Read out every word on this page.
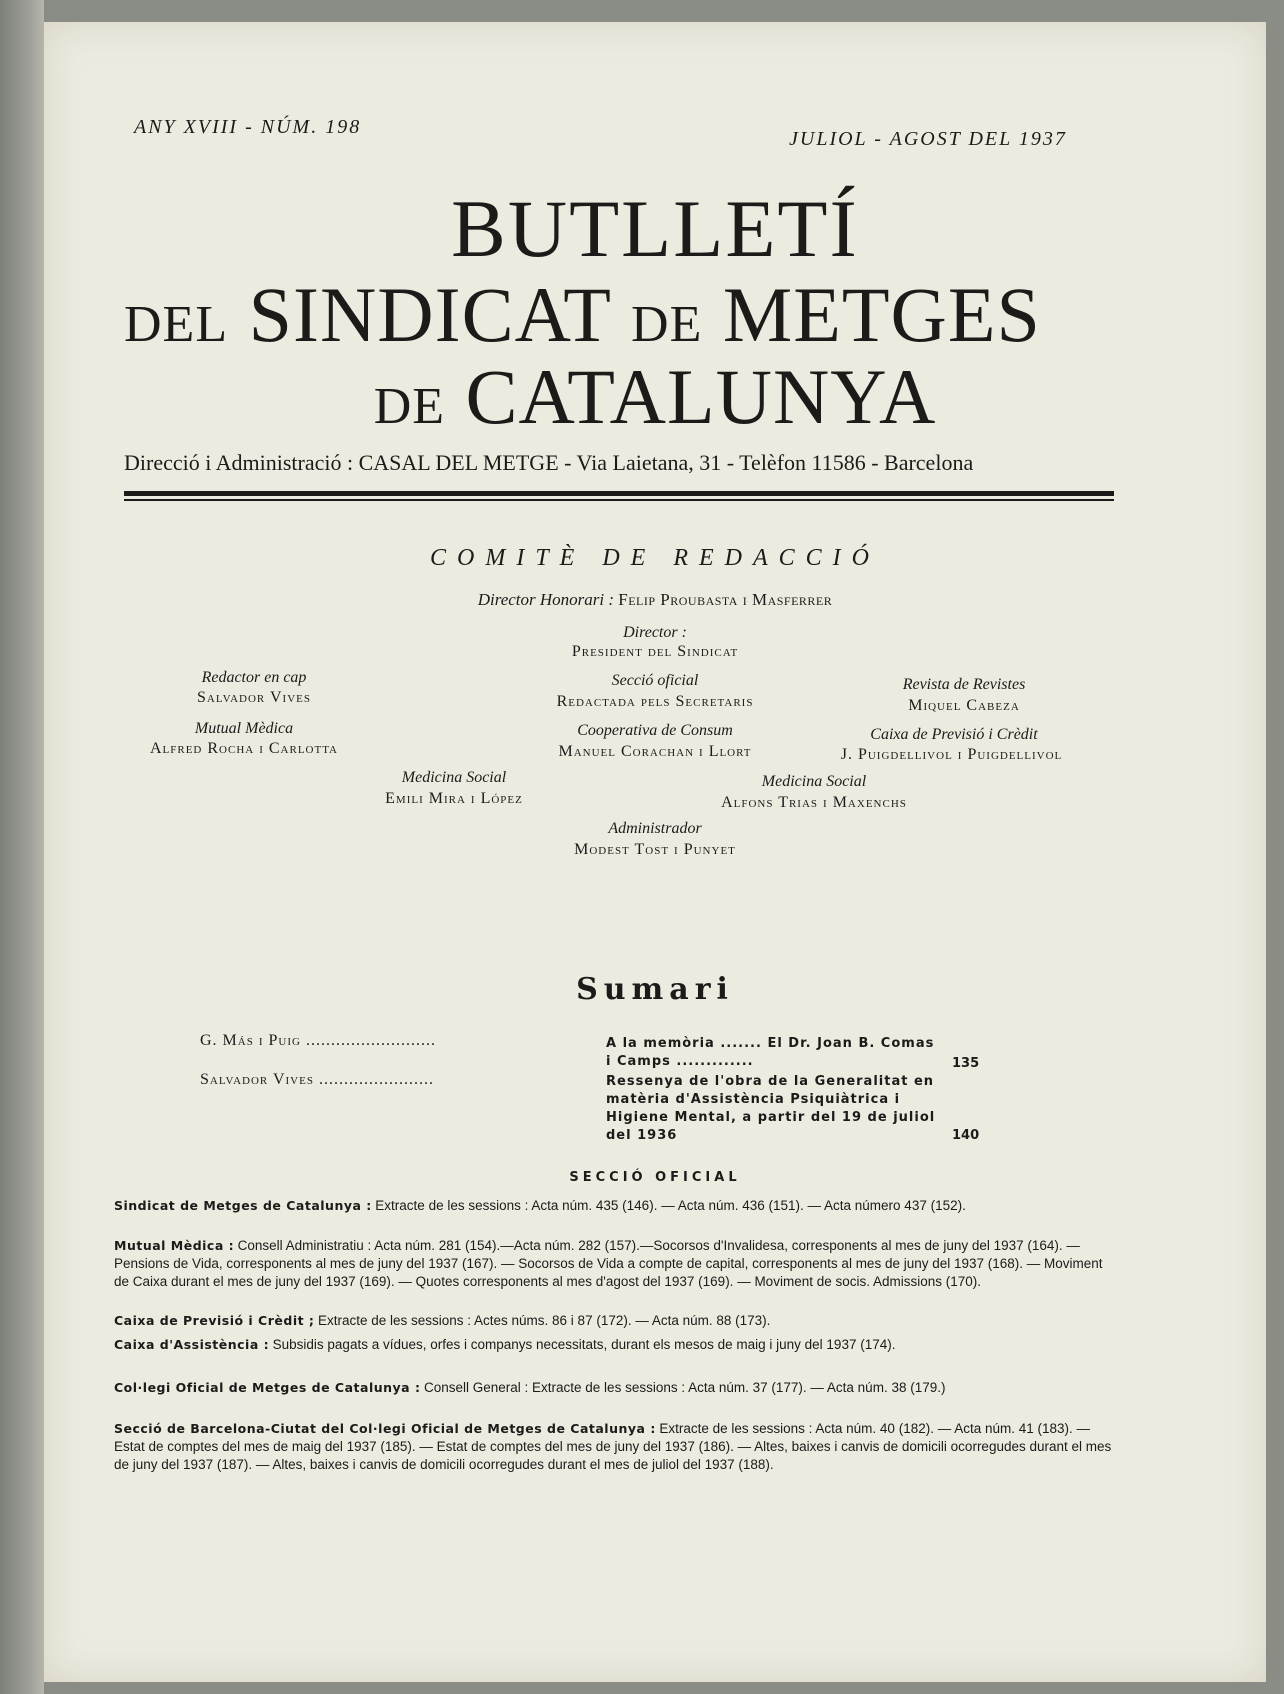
ANY XVIII - NÚM. 198
JULIOL - AGOST DEL 1937
BUTLLETÍ
DEL SINDICAT DE METGES
DE CATALUNYA
Direcció i Administració : CASAL DEL METGE - Via Laietana, 31 - Telèfon 11586 - Barcelona
COMITÈ DE REDACCIÓ
Director Honorari : Felip Proubasta i Masferrer
Director :
President del Sindicat
Redactor en cap
Salvador Vives
Secció oficial
Redactada pels Secretaris
Revista de Revistes
Miquel Cabeza
Mutual Mèdica
Alfred Rocha i Carlotta
Cooperativa de Consum
Manuel Corachan i Llort
Caixa de Previsió i Crèdit
J. Puigdellivol i Puigdellivol
Medicina Social
Emili Mira i López
Medicina Social
Alfons Trias i Maxenchs
Administrador
Modest Tost i Punyet
Sumari
G. Más i Puig ..........................	A la memòria ....... El Dr. Joan B. Comas i Camps .............	135
Salvador Vives .......................	Ressenya de l'obra de la Generalitat en matèria d'Assistència Psiquiàtrica i Higiene Mental, a partir del 19 de juliol del 1936	140
SECCIÓ OFICIAL
Sindicat de Metges de Catalunya : Extracte de les sessions : Acta núm. 435 (146). — Acta núm. 436 (151). — Acta número 437 (152).
Mutual Mèdica : Consell Administratiu : Acta núm. 281 (154).—Acta núm. 282 (157).—Socorsos d'Invalidesa, corresponents al mes de juny del 1937 (164). — Pensions de Vida, corresponents al mes de juny del 1937 (167). — Socorsos de Vida a compte de capital, corresponents al mes de juny del 1937 (168). — Moviment de Caixa durant el mes de juny del 1937 (169). — Quotes corresponents al mes d'agost del 1937 (169). — Moviment de socis. Admissions (170).
Caixa de Previsió i Crèdit ; Extracte de les sessions : Actes núms. 86 i 87 (172). — Acta núm. 88 (173).
Caixa d'Assistència : Subsidis pagats a vídues, orfes i companys necessitats, durant els mesos de maig i juny del 1937 (174).
Col·legi Oficial de Metges de Catalunya : Consell General : Extracte de les sessions : Acta núm. 37 (177). — Acta núm. 38 (179.)
Secció de Barcelona-Ciutat del Col·legi Oficial de Metges de Catalunya : Extracte de les sessions : Acta núm. 40 (182). — Acta núm. 41 (183). — Estat de comptes del mes de maig del 1937 (185). — Estat de comptes del mes de juny del 1937 (186). — Altes, baixes i canvis de domicili ocorregudes durant el mes de juny del 1937 (187). — Altes, baixes i canvis de domicili ocorregudes durant el mes de juliol del 1937 (188).
